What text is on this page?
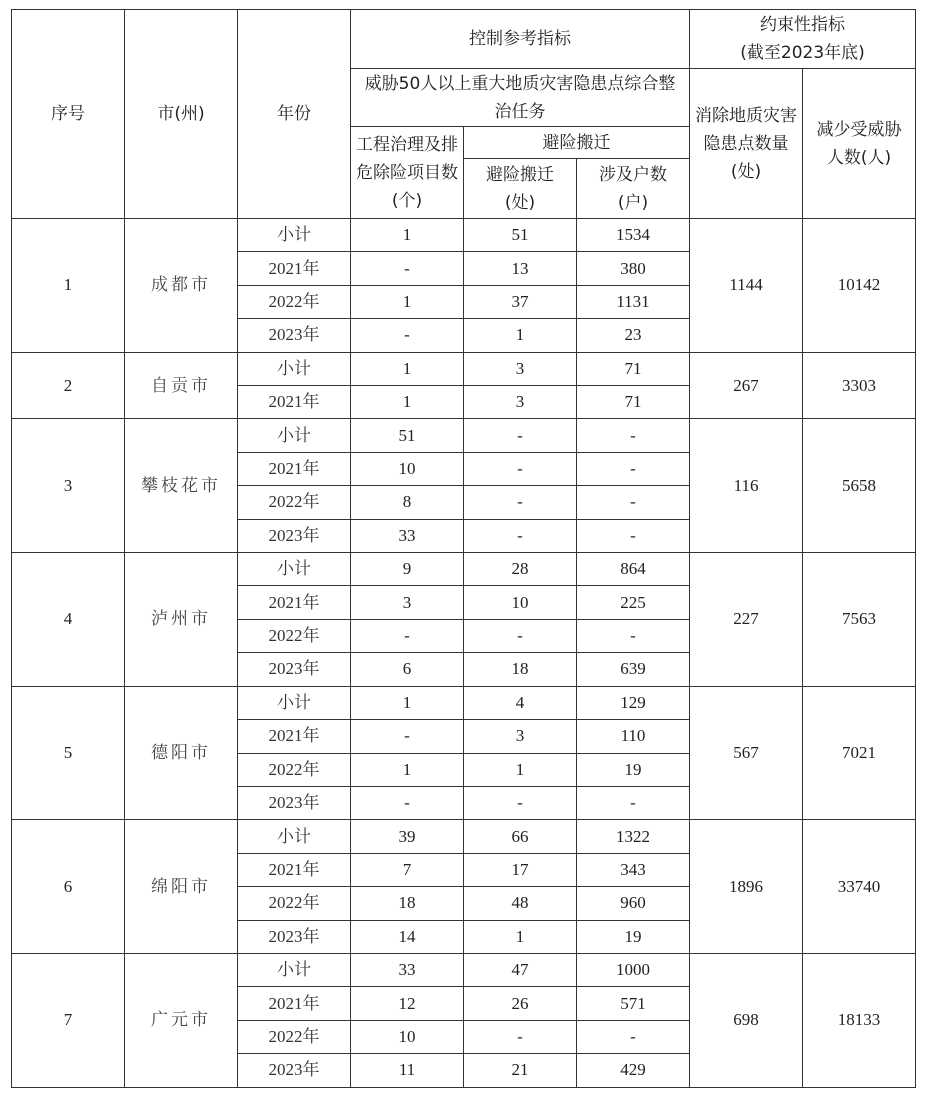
序号	市(州)	年份	控制参考指标			约束性指标
(截至2023年底)	

			威胁50人以上重大地质灾害隐患点综合整治任务			消除地质灾害隐患点数量(处)	减少受威胁人数(人)
			工程治理及排危除险项目数(个)	避险搬迁			
				避险搬迁(处)	涉及户数(户)		
1	成都市	小计	1	51	1534	1144	10142
		2021年	-	13	380		
		2022年	1	37	1131		
		2023年	-	1	23		
2	自贡市	小计	1	3	71	267	3303
		2021年	1	3	71		
3	攀枝花市	小计	51	-	-	116	5658
		2021年	10	-	-		
		2022年	8	-	-		
		2023年	33	-	-		
4	泸州市	小计	9	28	864	227	7563
		2021年	3	10	225		
		2022年	-	-	-		
		2023年	6	18	639		
5	德阳市	小计	1	4	129	567	7021
		2021年	-	3	110		
		2022年	1	1	19		
		2023年	-	-	-		
6	绵阳市	小计	39	66	1322	1896	33740
		2021年	7	17	343		
		2022年	18	48	960		
		2023年	14	1	19		
7	广元市	小计	33	47	1000	698	18133
		2021年	12	26	571		
		2022年	10	-	-		
		2023年	11	21	429		
